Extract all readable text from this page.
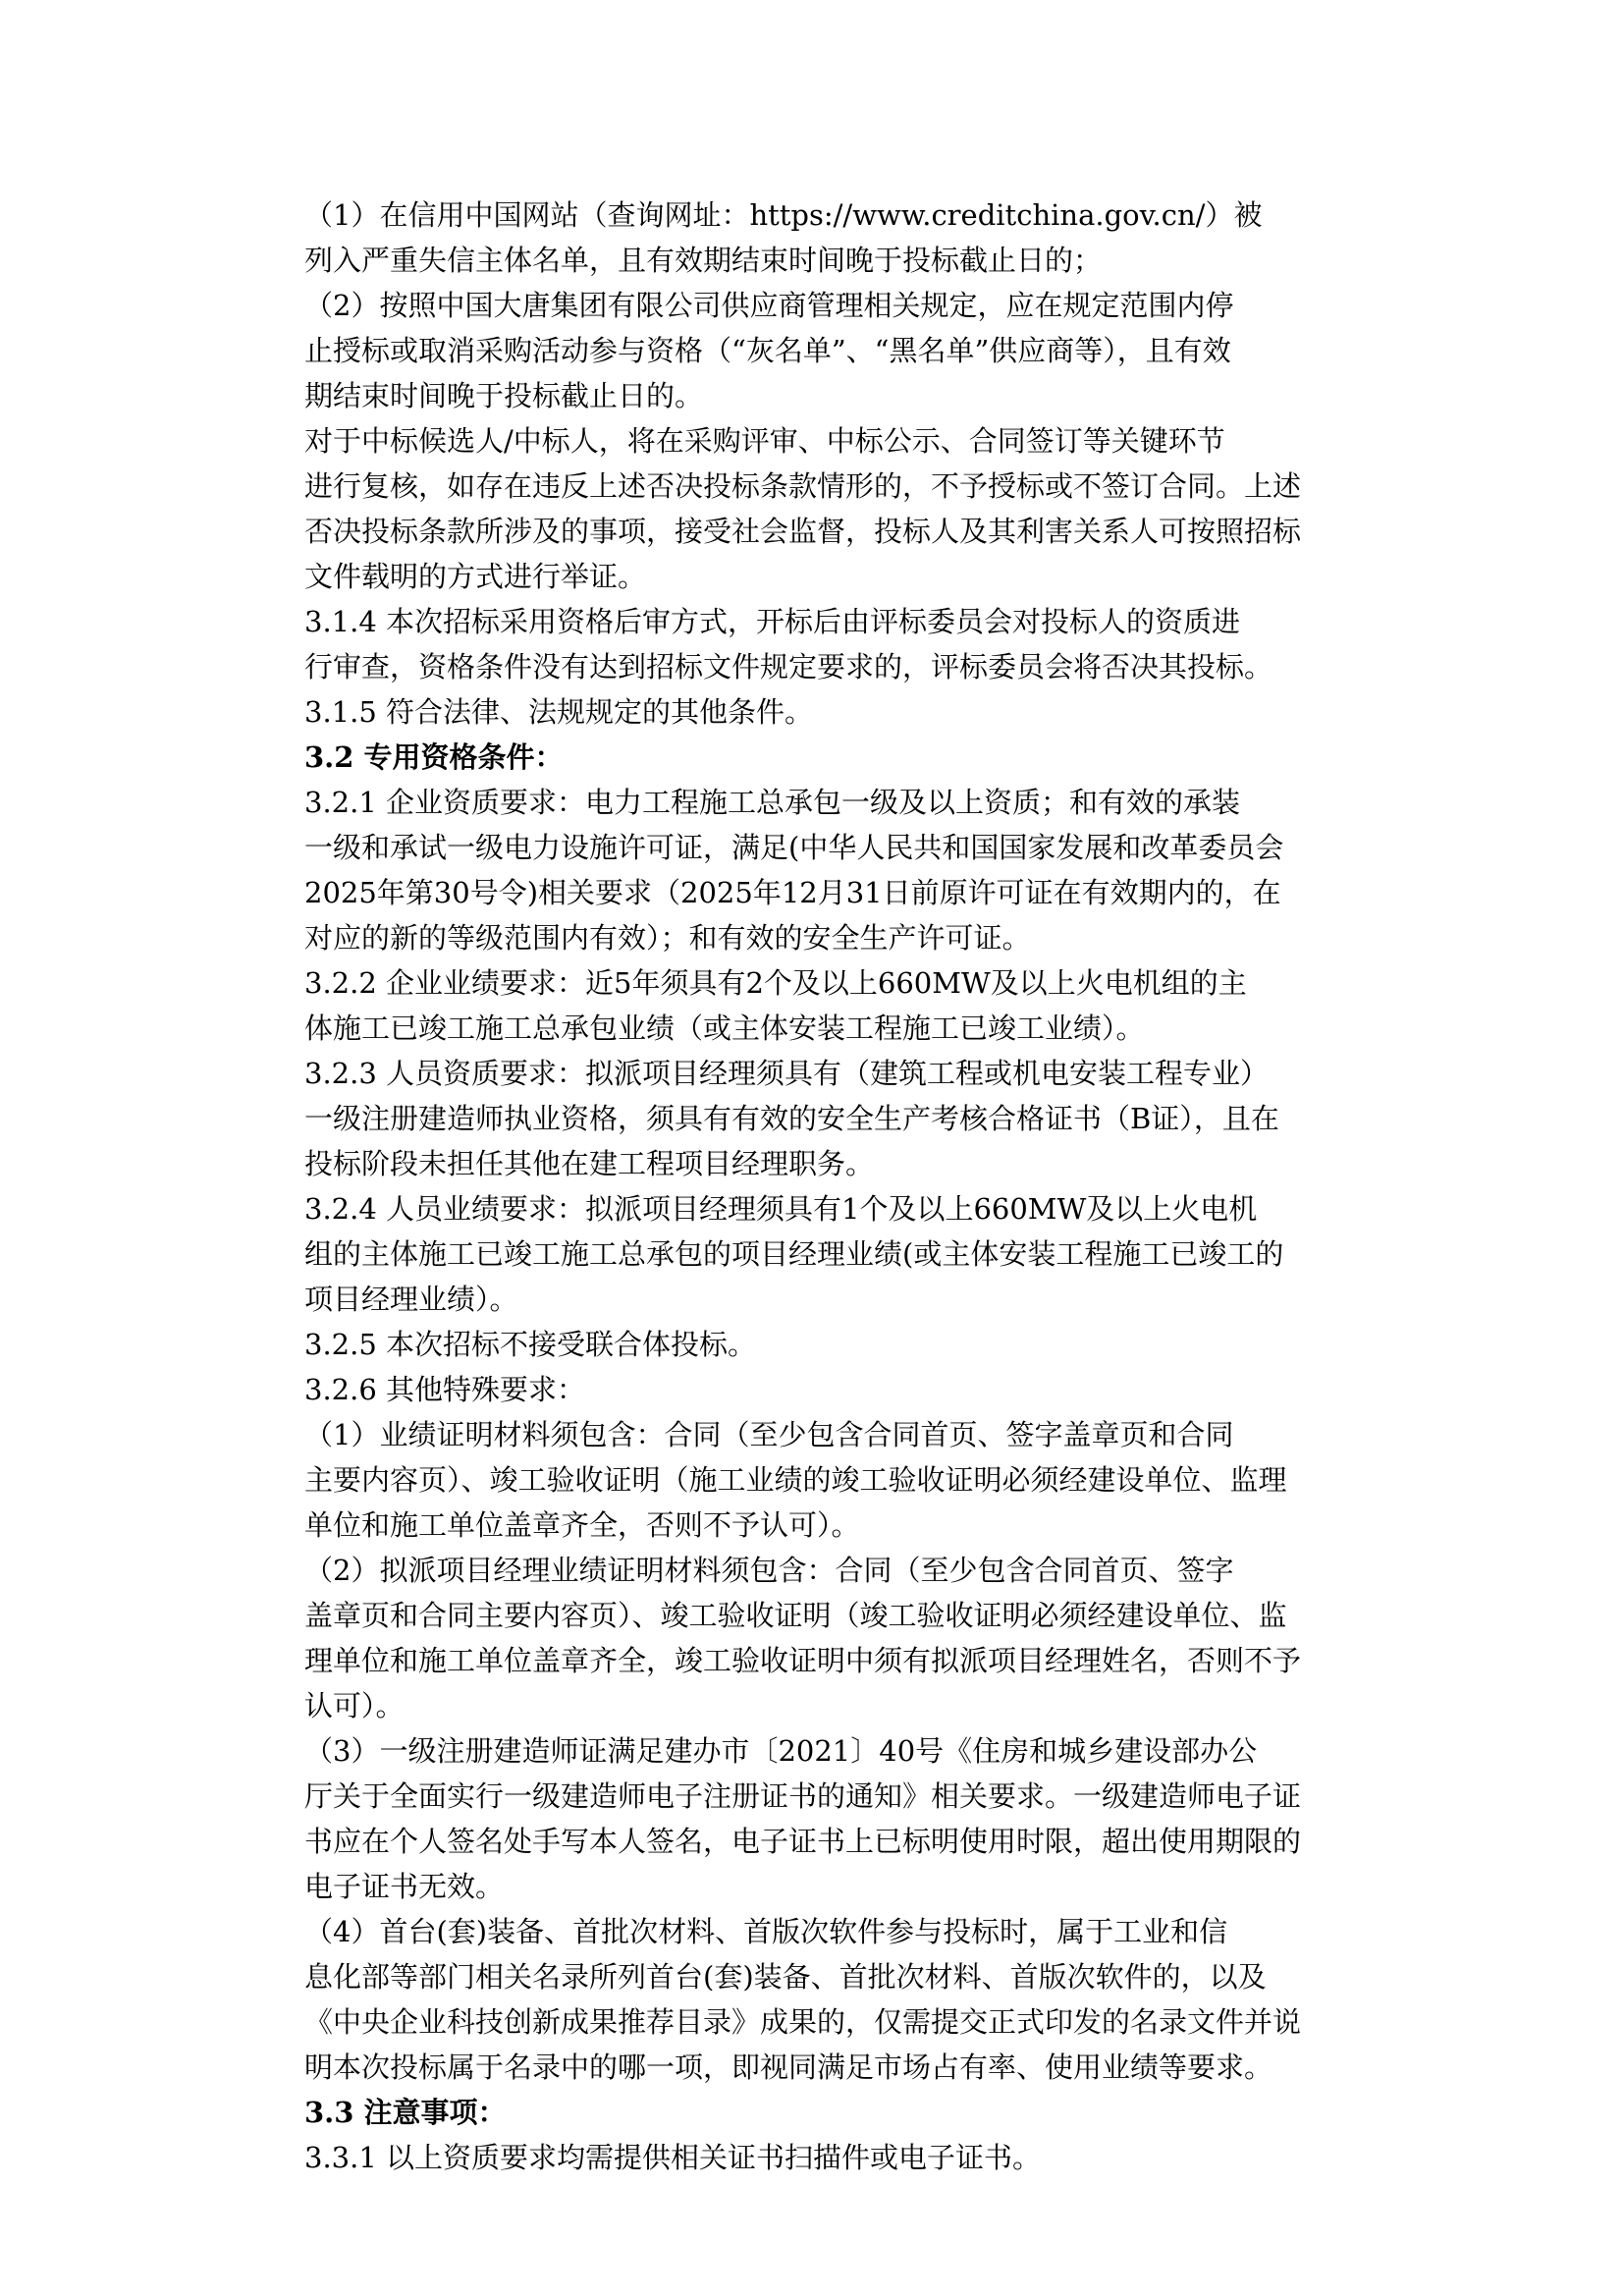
（1）在信用中国网站（查询网址：https://www.creditchina.gov.cn/）被
列入严重失信主体名单，且有效期结束时间晚于投标截止日的；

（2）按照中国大唐集团有限公司供应商管理相关规定，应在规定范围内停
止授标或取消采购活动参与资格（“灰名单”、“黑名单”供应商等），且有效
期结束时间晚于投标截止日的。

对于中标候选人/中标人，将在采购评审、中标公示、合同签订等关键环节
进行复核，如存在违反上述否决投标条款情形的，不予授标或不签订合同。上述
否决投标条款所涉及的事项，接受社会监督，投标人及其利害关系人可按照招标
文件载明的方式进行举证。

3.1.4 本次招标采用资格后审方式，开标后由评标委员会对投标人的资质进
行审查，资格条件没有达到招标文件规定要求的，评标委员会将否决其投标。

3.1.5 符合法律、法规规定的其他条件。

3.2 专用资格条件：

3.2.1 企业资质要求：电力工程施工总承包一级及以上资质；和有效的承装
一级和承试一级电力设施许可证，满足(中华人民共和国国家发展和改革委员会
2025年第30号令)相关要求（2025年12月31日前原许可证在有效期内的，在
对应的新的等级范围内有效）；和有效的安全生产许可证。

3.2.2 企业业绩要求：近5年须具有2个及以上660MW及以上火电机组的主
体施工已竣工施工总承包业绩（或主体安装工程施工已竣工业绩）。

3.2.3 人员资质要求：拟派项目经理须具有（建筑工程或机电安装工程专业）
一级注册建造师执业资格，须具有有效的安全生产考核合格证书（B证），且在
投标阶段未担任其他在建工程项目经理职务。

3.2.4 人员业绩要求：拟派项目经理须具有1个及以上660MW及以上火电机
组的主体施工已竣工施工总承包的项目经理业绩(或主体安装工程施工已竣工的
项目经理业绩）。

3.2.5 本次招标不接受联合体投标。

3.2.6 其他特殊要求：

（1）业绩证明材料须包含：合同（至少包含合同首页、签字盖章页和合同
主要内容页）、竣工验收证明（施工业绩的竣工验收证明必须经建设单位、监理
单位和施工单位盖章齐全，否则不予认可）。

（2）拟派项目经理业绩证明材料须包含：合同（至少包含合同首页、签字
盖章页和合同主要内容页）、竣工验收证明（竣工验收证明必须经建设单位、监
理单位和施工单位盖章齐全，竣工验收证明中须有拟派项目经理姓名，否则不予
认可）。

（3）一级注册建造师证满足建办市〔2021〕40号《住房和城乡建设部办公
厅关于全面实行一级建造师电子注册证书的通知》相关要求。一级建造师电子证
书应在个人签名处手写本人签名，电子证书上已标明使用时限，超出使用期限的
电子证书无效。

（4）首台(套)装备、首批次材料、首版次软件参与投标时，属于工业和信
息化部等部门相关名录所列首台(套)装备、首批次材料、首版次软件的，以及
《中央企业科技创新成果推荐目录》成果的，仅需提交正式印发的名录文件并说
明本次投标属于名录中的哪一项，即视同满足市场占有率、使用业绩等要求。

3.3 注意事项：

3.3.1 以上资质要求均需提供相关证书扫描件或电子证书。
